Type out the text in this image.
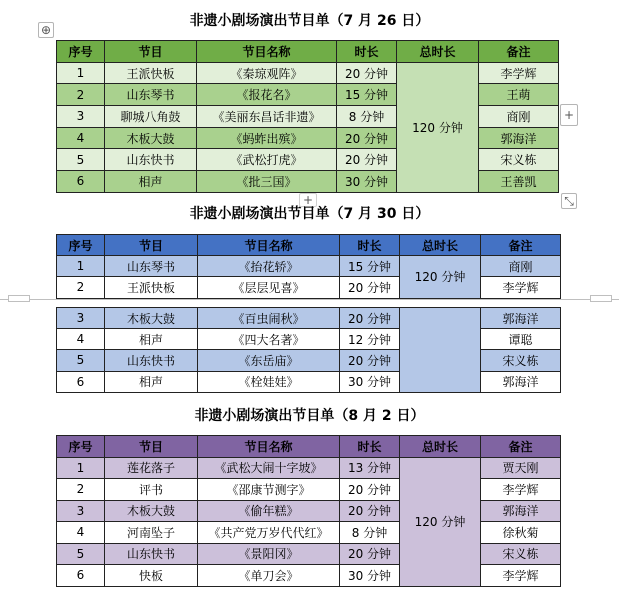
⊕
非遗小剧场演出节目单（7 月 26 日）
序号	节目	节目名称	时长	总时长	备注
1	王派快板	《秦琼观阵》	20 分钟	120 分钟	李学辉
2	山东琴书	《报花名》	15 分钟		王萌
3	聊城八角鼓	《美丽东昌话非遗》	8 分钟		商刚
4	木板大鼓	《蚂蚱出殡》	20 分钟		郭海洋
5	山东快书	《武松打虎》	20 分钟		宋义栋
6	相声	《批三国》	30 分钟		王善凯
+
+	⤡
非遗小剧场演出节目单（7 月 30 日）
序号	节目	节目名称	时长	总时长	备注
1	山东琴书	《抬花轿》	15 分钟	120 分钟	商刚
2	王派快板	《层层见喜》	20 分钟		李学辉
3	木板大鼓	《百虫闹秋》	20 分钟		郭海洋
4	相声	《四大名著》	12 分钟		谭聪
5	山东快书	《东岳庙》	20 分钟		宋义栋
6	相声	《栓娃娃》	30 分钟		郭海洋
非遗小剧场演出节目单（8 月 2 日）
序号	节目	节目名称	时长	总时长	备注
1	莲花落子	《武松大闹十字坡》	13 分钟	120 分钟	贾天刚
2	评书	《邵康节测字》	20 分钟		李学辉
3	木板大鼓	《偷年糕》	20 分钟		郭海洋
4	河南坠子	《共产党万岁代代红》	8 分钟		徐秋菊
5	山东快书	《景阳冈》	20 分钟		宋义栋
6	快板	《单刀会》	30 分钟		李学辉
